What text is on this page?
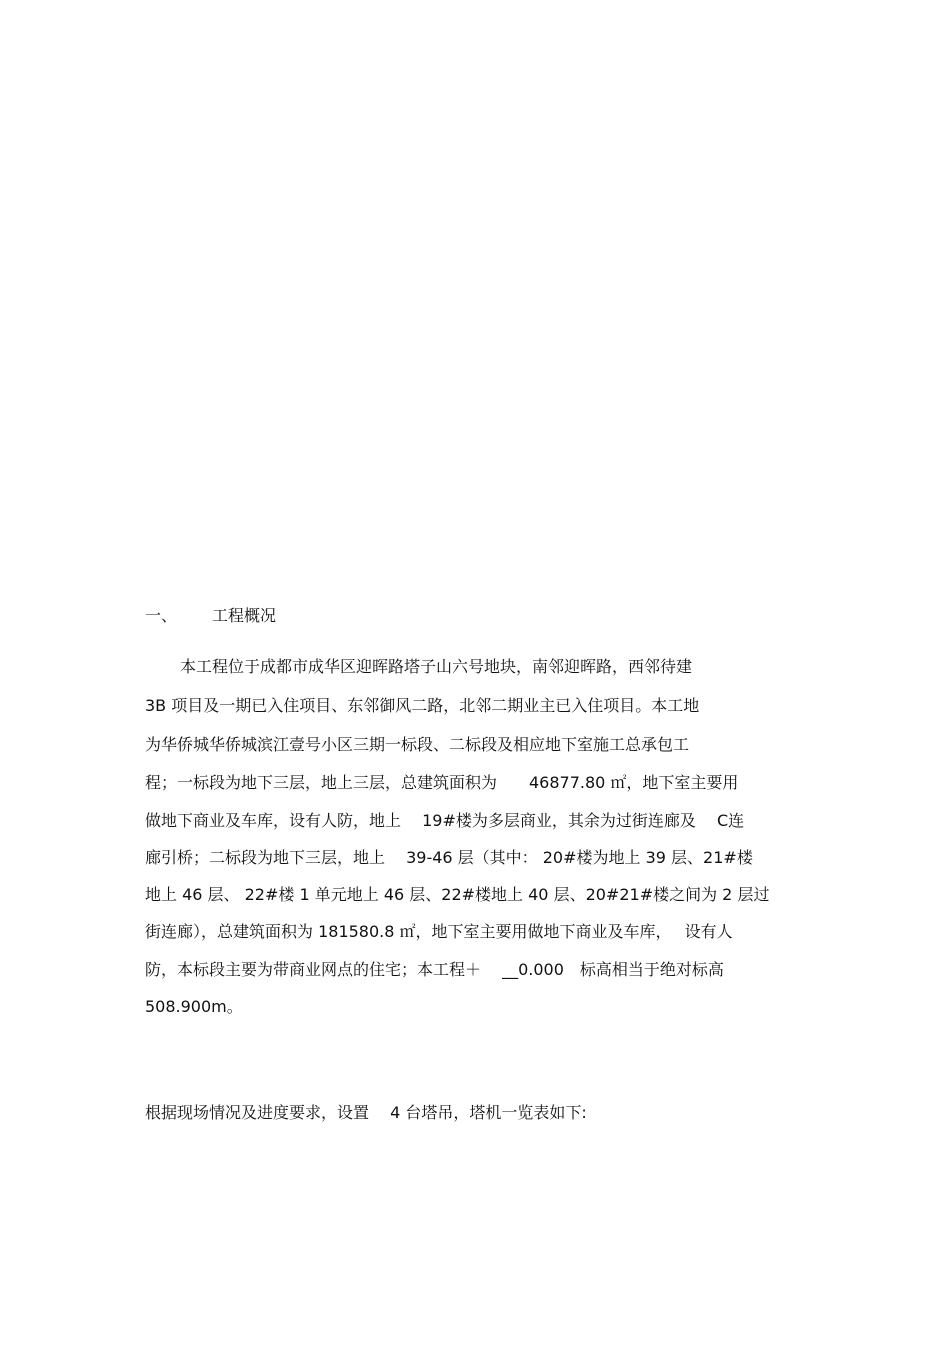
一、 工程概况
本工程位于成都市成华区迎晖路塔子山六号地块，南邻迎晖路，西邻待建
3B 项目及一期已入住项目、东邻御风二路，北邻二期业主已入住项目。本工地
为华侨城华侨城滨江壹号小区三期一标段、二标段及相应地下室施工总承包工
程；一标段为地下三层，地上三层，总建筑面积为　　46877.80 ㎡，地下室主要用
做地下商业及车库，设有人防，地上　 19#楼为多层商业，其余为过街连廊及　 C连
廊引桥；二标段为地下三层，地上　 39-46 层（其中： 20#楼为地上 39 层、21#楼
地上 46 层、 22#楼 1 单元地上 46 层、22#楼地上 40 层、20#21#楼之间为 2 层过
街连廊），总建筑面积为 181580.8 ㎡，地下室主要用做地下商业及车库，　 设有人
防，本标段主要为带商业网点的住宅；本工程＋　 __0.000　标高相当于绝对标高
508.900m。
根据现场情况及进度要求，设置　 4 台塔吊，塔机一览表如下:
